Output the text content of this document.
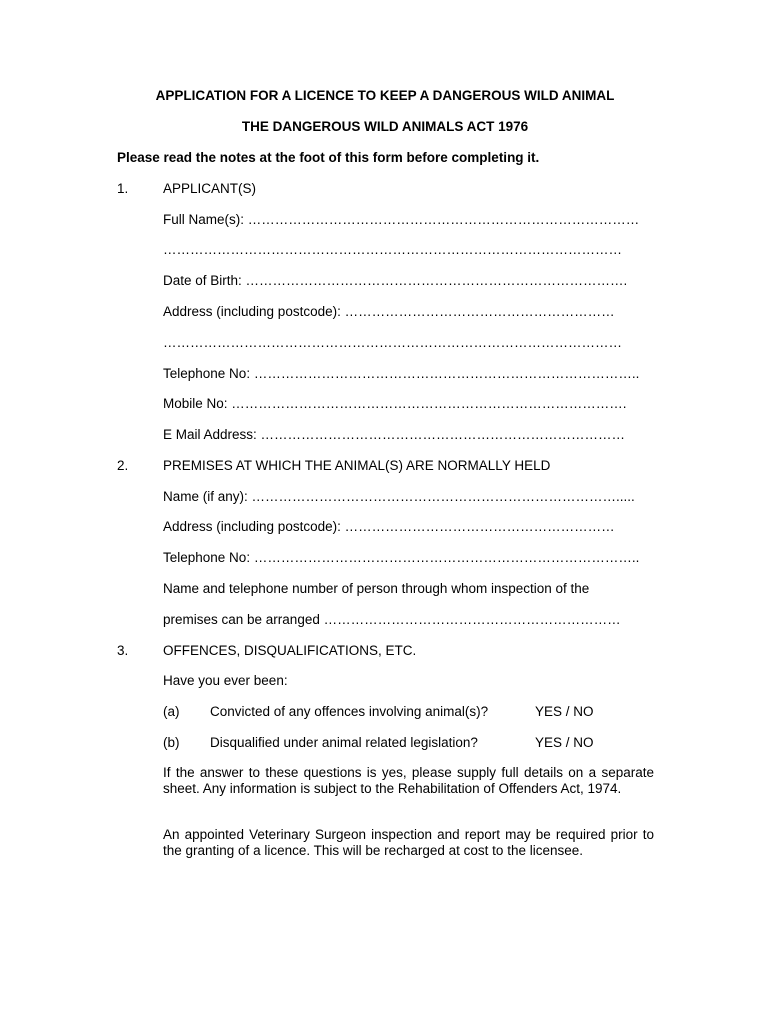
APPLICATION FOR A LICENCE TO KEEP A DANGEROUS WILD ANIMAL
THE DANGEROUS WILD ANIMALS ACT 1976
Please read the notes at the foot of this form before completing it.
1.	APPLICANT(S)
Full Name(s): ……………………………………………………………………………
…………………………………………………………………………………………
Date of Birth: ………………………………………………………………………….
Address (including postcode): ……………………………………………………
…………………………………………………………………………………………
Telephone No: …………………………………………………………………………..
Mobile No: …………………………………………………………………………….
E Mail Address: ………………………………………………………………………
2.	PREMISES AT WHICH THE ANIMAL(S) ARE NORMALLY HELD
Name (if any): ……………………………………………………………………….....
Address (including postcode): ……………………………………………………
Telephone No: …………………………………………………………………………..
Name and telephone number of person through whom inspection of the
premises can be arranged …………………………………………………………
3.	OFFENCES, DISQUALIFICATIONS, ETC.
Have you ever been:
(a) Convicted of any offences involving animal(s)?	YES / NO
(b) Disqualified under animal related legislation?	YES / NO
If the answer to these questions is yes, please supply full details on a separate sheet. Any information is subject to the Rehabilitation of Offenders Act, 1974.
An appointed Veterinary Surgeon inspection and report may be required prior to the granting of a licence. This will be recharged at cost to the licensee.
